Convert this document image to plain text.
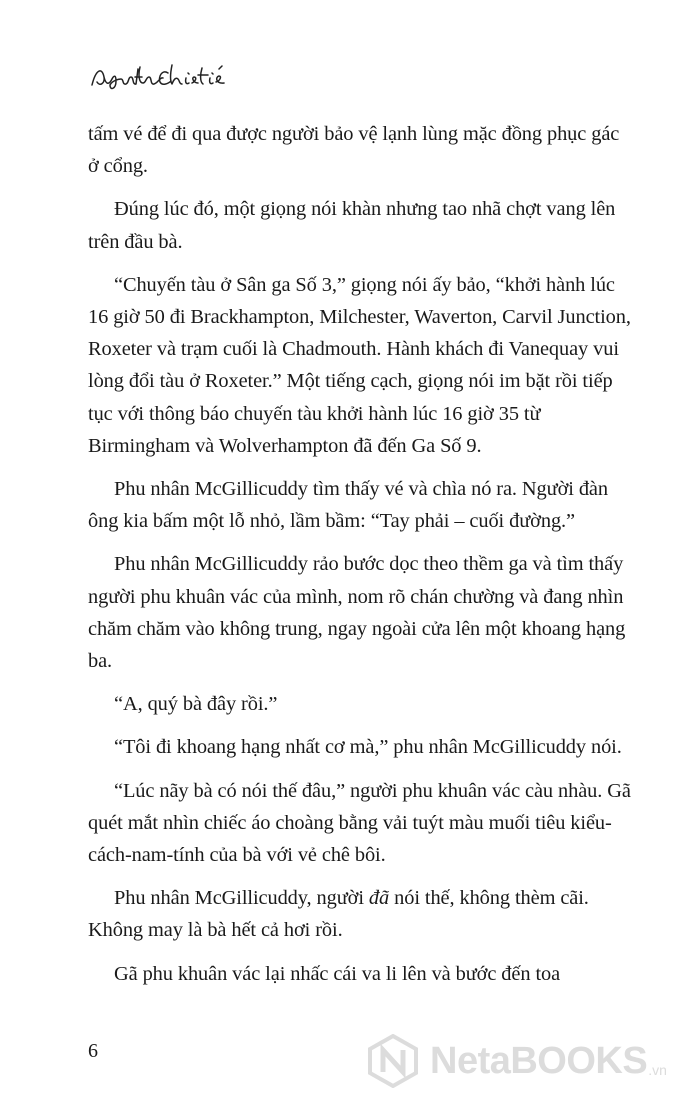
tấm vé để đi qua được người bảo vệ lạnh lùng mặc đồng phục gác ở cổng.

Đúng lúc đó, một giọng nói khàn nhưng tao nhã chợt vang lên trên đầu bà.

“Chuyến tàu ở Sân ga Số 3,” giọng nói ấy bảo, “khởi hành lúc 16 giờ 50 đi Brackhampton, Milchester, Waverton, Carvil Junction, Roxeter và trạm cuối là Chadmouth. Hành khách đi Vanequay vui lòng đổi tàu ở Roxeter.” Một tiếng cạch, giọng nói im bặt rồi tiếp tục với thông báo chuyến tàu khởi hành lúc 16 giờ 35 từ Birmingham và Wolverhampton đã đến Ga Số 9.

Phu nhân McGillicuddy tìm thấy vé và chìa nó ra. Người đàn ông kia bấm một lỗ nhỏ, lầm bầm: “Tay phải – cuối đường.”

Phu nhân McGillicuddy rảo bước dọc theo thềm ga và tìm thấy người phu khuân vác của mình, nom rõ chán chường và đang nhìn chăm chăm vào không trung, ngay ngoài cửa lên một khoang hạng ba.

“A, quý bà đây rồi.”

“Tôi đi khoang hạng nhất cơ mà,” phu nhân McGillicuddy nói.

“Lúc nãy bà có nói thế đâu,” người phu khuân vác càu nhàu. Gã quét mắt nhìn chiếc áo choàng bằng vải tuýt màu muối tiêu kiểu-cách-nam-tính của bà với vẻ chê bôi.

Phu nhân McGillicuddy, người đã nói thế, không thèm cãi. Không may là bà hết cả hơi rồi.

Gã phu khuân vác lại nhấc cái va li lên và bước đến toa

6	NetaBOOKS .vn
